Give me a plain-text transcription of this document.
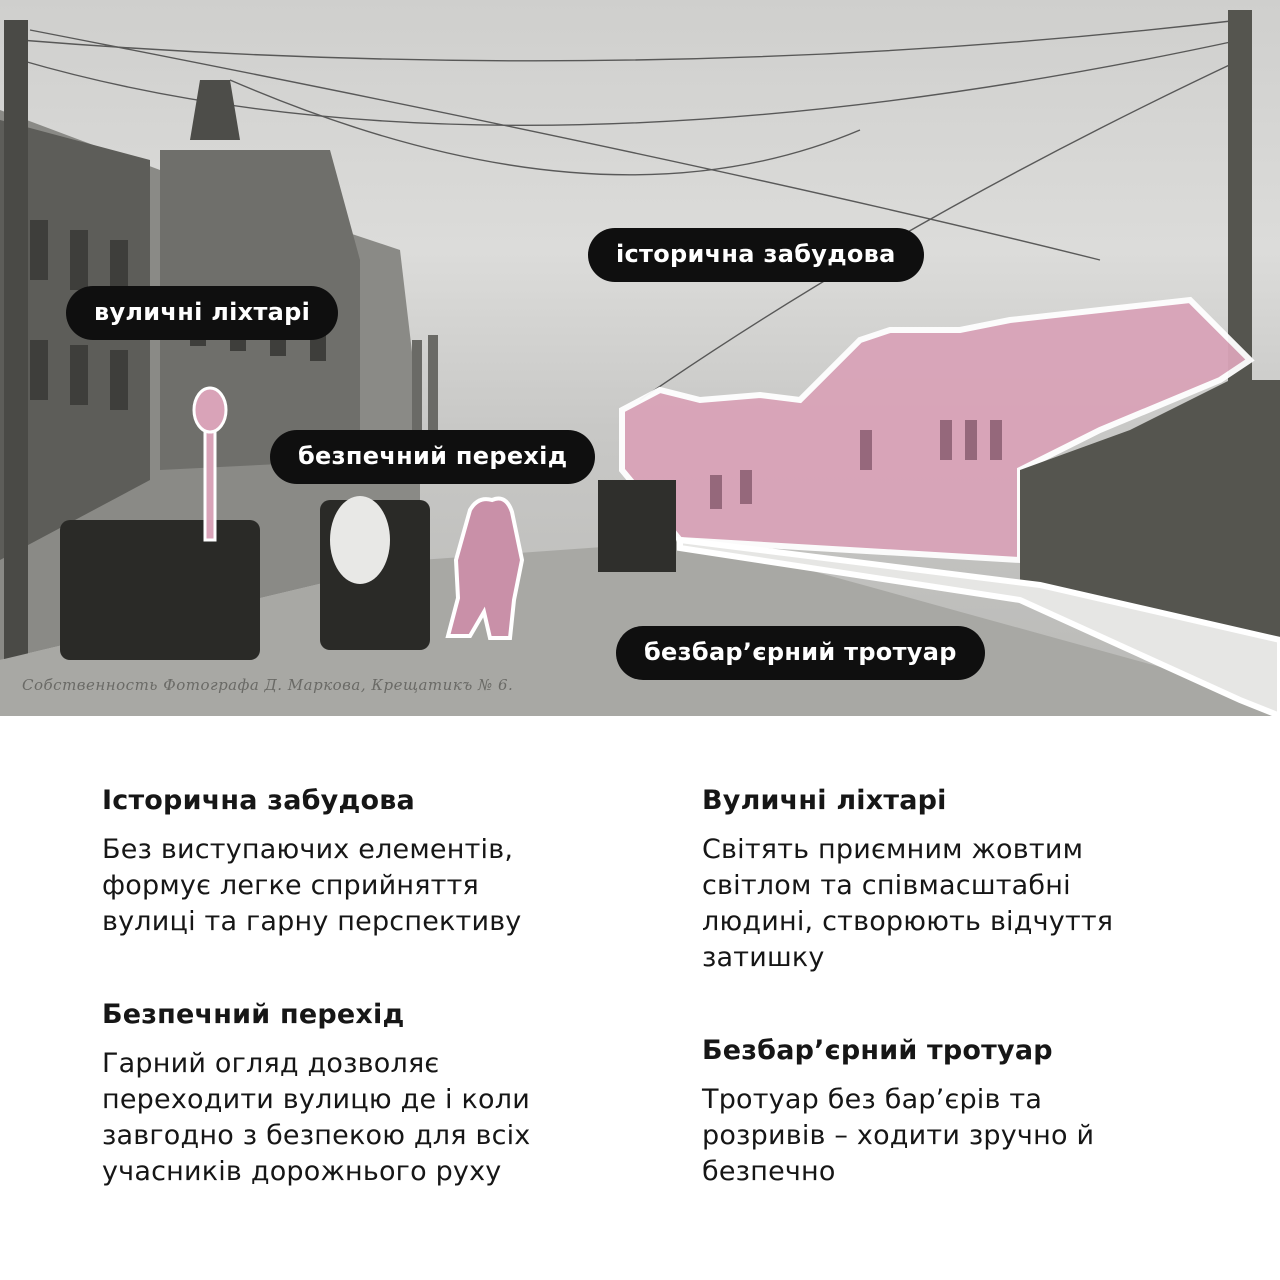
історична забудова
вуличні ліхтарі
безпечний перехід
безбар’єрний тротуар
Собственность Фотографа Д. Маркова, Крещатикъ № 6.
Історична забудова

Без виступаючих елементів,
формує легке сприйняття
вулиці та гарну перспективу

Вуличні ліхтарі

Світять приємним жовтим
світлом та співмасштабні
людині, створюють відчуття
затишку

Безпечний перехід

Гарний огляд дозволяє
переходити вулицю де і коли
завгодно з безпекою для всіх
учасників дорожнього руху

Безбар’єрний тротуар

Тротуар без бар’єрів та
розривів – ходити зручно й
безпечно
